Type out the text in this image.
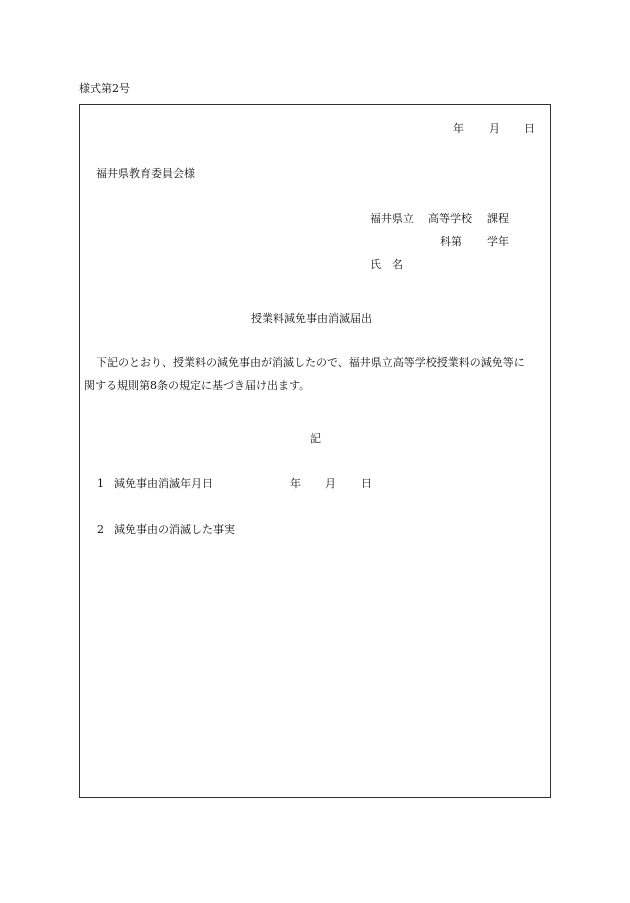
様式第2号
年 月 日
福井県教育委員会様
福井県立 高等学校 課程
科第 学年
氏　名
授業料減免事由消滅届出
下記のとおり、授業料の減免事由が消滅したので、福井県立高等学校授業料の減免等に
関する規則第8条の規定に基づき届け出ます。
記
1 減免事由消滅年月日	年 月 日
2 減免事由の消滅した事実
